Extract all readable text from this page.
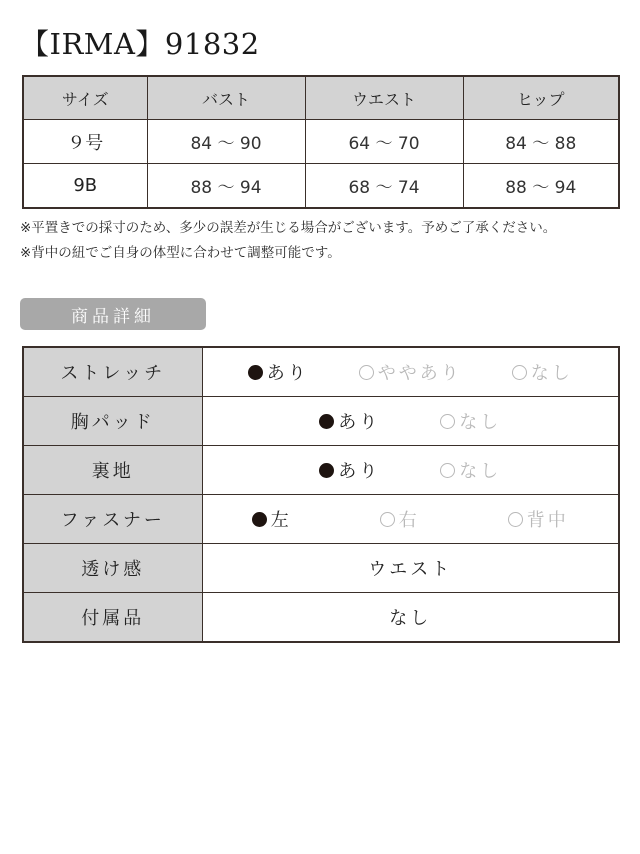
【IRMA】91832
サイズ	バスト	ウエスト	ヒップ
９号	84 ～ 90	64 ～ 70	84 ～ 88
9B	88 ～ 94	68 ～ 74	88 ～ 94
※平置きでの採寸のため、多少の誤差が生じる場合がございます。予めご了承ください。
※背中の紐でご自身の体型に合わせて調整可能です。
商品詳細
ストレッチ	あり ややあり なし

胸パッド	あり なし

裏地	あり なし

ファスナー	左 右 背中

透け感	ウエスト
付属品	なし
